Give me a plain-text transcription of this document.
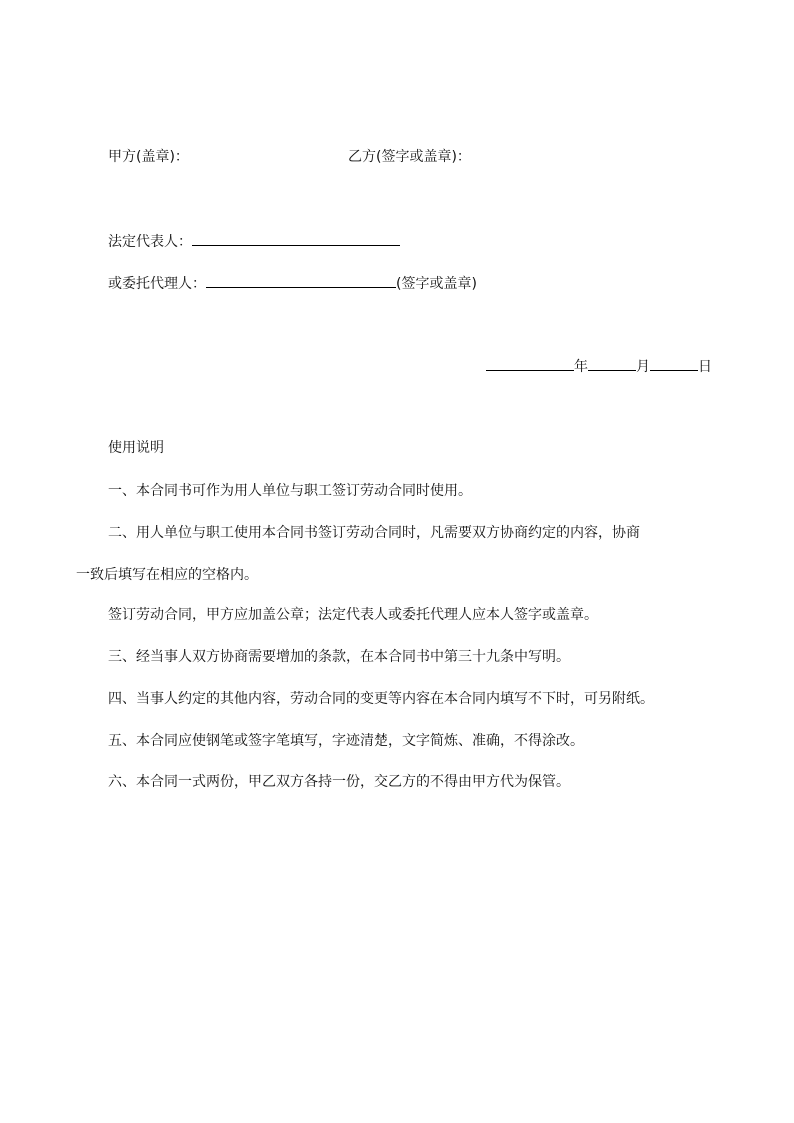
甲方(盖章)：	乙方(签字或盖章)：
法定代表人：
或委托代理人：	(签字或盖章)
年	月	日
使用说明
一、本合同书可作为用人单位与职工签订劳动合同时使用。
二、用人单位与职工使用本合同书签订劳动合同时，凡需要双方协商约定的内容，协商
一致后填写在相应的空格内。
签订劳动合同，甲方应加盖公章；法定代表人或委托代理人应本人签字或盖章。
三、经当事人双方协商需要增加的条款，在本合同书中第三十九条中写明。
四、当事人约定的其他内容，劳动合同的变更等内容在本合同内填写不下时，可另附纸。
五、本合同应使钢笔或签字笔填写，字迹清楚，文字简炼、准确，不得涂改。
六、本合同一式两份，甲乙双方各持一份，交乙方的不得由甲方代为保管。
